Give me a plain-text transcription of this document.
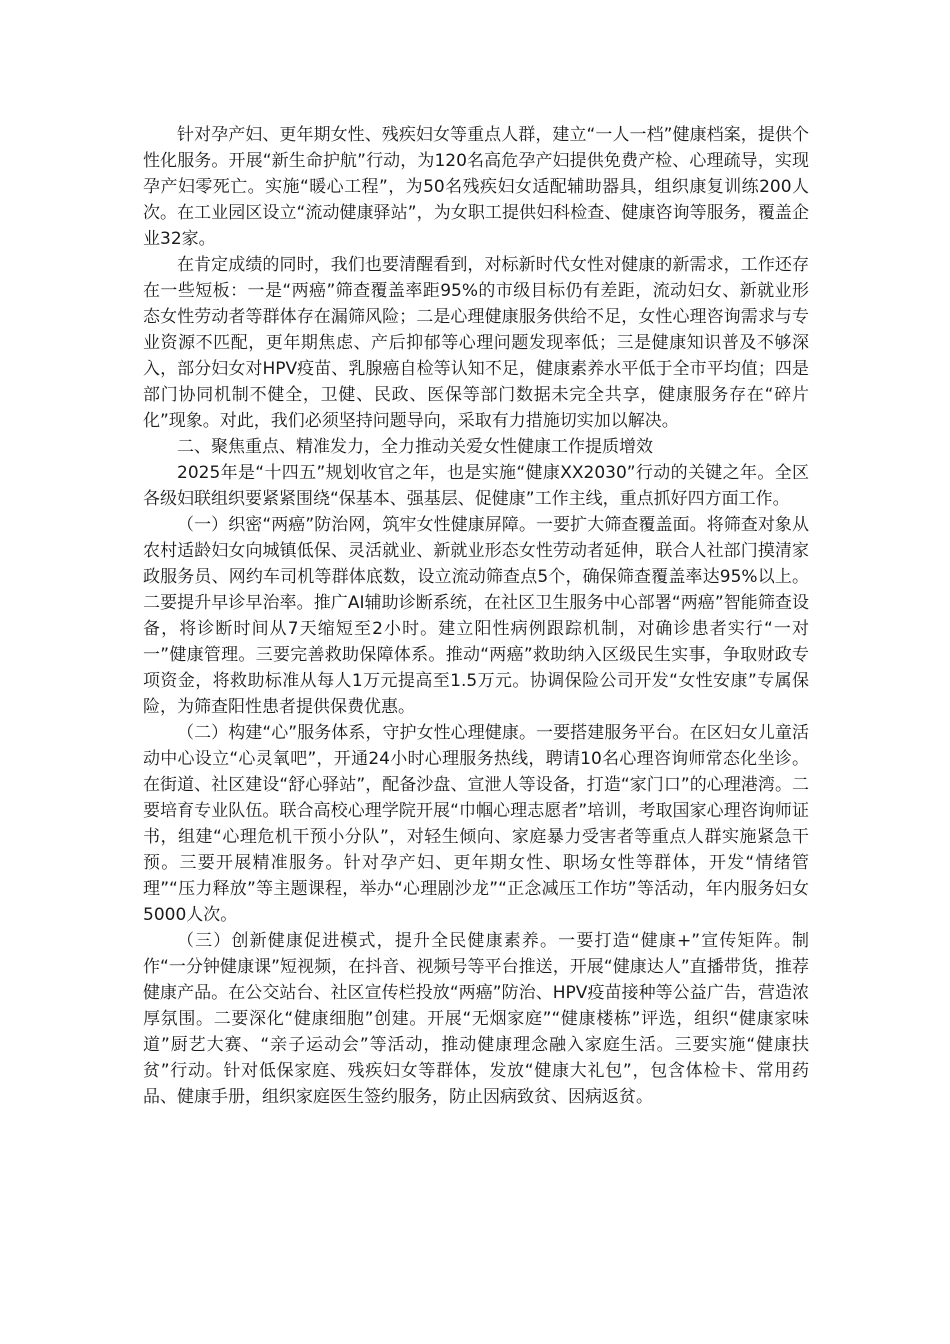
针对孕产妇、更年期女性、残疾妇女等重点人群，建立“一人一档”健康档案，提供个性化服务。开展“新生命护航”行动，为120名高危孕产妇提供免费产检、心理疏导，实现孕产妇零死亡。实施“暖心工程”，为50名残疾妇女适配辅助器具，组织康复训练200人次。在工业园区设立“流动健康驿站”，为女职工提供妇科检查、健康咨询等服务，覆盖企业32家。

在肯定成绩的同时，我们也要清醒看到，对标新时代女性对健康的新需求，工作还存在一些短板：一是“两癌”筛查覆盖率距95%的市级目标仍有差距，流动妇女、新就业形态女性劳动者等群体存在漏筛风险；二是心理健康服务供给不足，女性心理咨询需求与专业资源不匹配，更年期焦虑、产后抑郁等心理问题发现率低；三是健康知识普及不够深入，部分妇女对HPV疫苗、乳腺癌自检等认知不足，健康素养水平低于全市平均值；四是部门协同机制不健全，卫健、民政、医保等部门数据未完全共享，健康服务存在“碎片化”现象。对此，我们必须坚持问题导向，采取有力措施切实加以解决。

二、聚焦重点、精准发力，全力推动关爱女性健康工作提质增效

2025年是“十四五”规划收官之年，也是实施“健康XX2030”行动的关键之年。全区各级妇联组织要紧紧围绕“保基本、强基层、促健康”工作主线，重点抓好四方面工作。

（一）织密“两癌”防治网，筑牢女性健康屏障。一要扩大筛查覆盖面。将筛查对象从农村适龄妇女向城镇低保、灵活就业、新就业形态女性劳动者延伸，联合人社部门摸清家政服务员、网约车司机等群体底数，设立流动筛查点5个，确保筛查覆盖率达95%以上。二要提升早诊早治率。推广AI辅助诊断系统，在社区卫生服务中心部署“两癌”智能筛查设备，将诊断时间从7天缩短至2小时。建立阳性病例跟踪机制，对确诊患者实行“一对一”健康管理。三要完善救助保障体系。推动“两癌”救助纳入区级民生实事，争取财政专项资金，将救助标准从每人1万元提高至1.5万元。协调保险公司开发“女性安康”专属保险，为筛查阳性患者提供保费优惠。

（二）构建“心”服务体系，守护女性心理健康。一要搭建服务平台。在区妇女儿童活动中心设立“心灵氧吧”，开通24小时心理服务热线，聘请10名心理咨询师常态化坐诊。在街道、社区建设“舒心驿站”，配备沙盘、宣泄人等设备，打造“家门口”的心理港湾。二要培育专业队伍。联合高校心理学院开展“巾帼心理志愿者”培训，考取国家心理咨询师证书，组建“心理危机干预小分队”，对轻生倾向、家庭暴力受害者等重点人群实施紧急干预。三要开展精准服务。针对孕产妇、更年期女性、职场女性等群体，开发“情绪管理”“压力释放”等主题课程，举办“心理剧沙龙”“正念减压工作坊”等活动，年内服务妇女5000人次。

（三）创新健康促进模式，提升全民健康素养。一要打造“健康+”宣传矩阵。制作“一分钟健康课”短视频，在抖音、视频号等平台推送，开展“健康达人”直播带货，推荐健康产品。在公交站台、社区宣传栏投放“两癌”防治、HPV疫苗接种等公益广告，营造浓厚氛围。二要深化“健康细胞”创建。开展“无烟家庭”“健康楼栋”评选，组织“健康家味道”厨艺大赛、“亲子运动会”等活动，推动健康理念融入家庭生活。三要实施“健康扶贫”行动。针对低保家庭、残疾妇女等群体，发放“健康大礼包”，包含体检卡、常用药品、健康手册，组织家庭医生签约服务，防止因病致贫、因病返贫。
